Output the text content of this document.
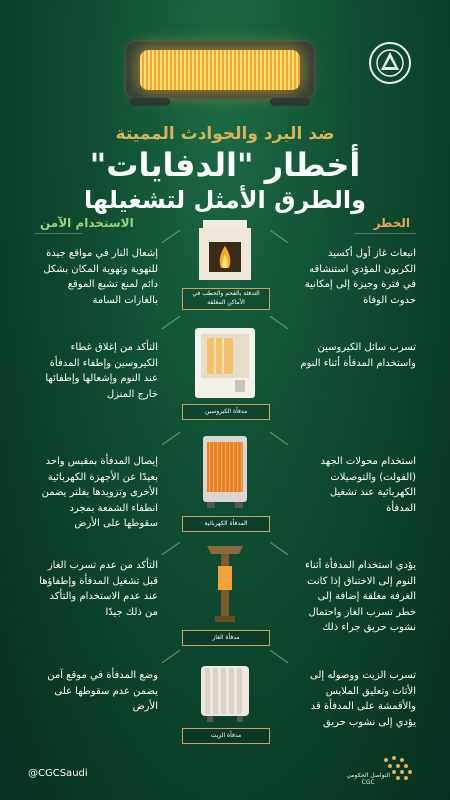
ضد البرد والحوادث المميتة
أخطار "الدفايات"
والطرق الأمثل لتشغيلها
الخطر
الاستخدام الآمن
انبعاث غاز أول أكسيد الكربون المؤدي استنشاقه في فترة وجيزة إلى إمكانية حدوث الوفاة
إشعال النار في مواقع جيدة للتهوية وتهوية المكان بشكل دائم لمنع تشبع الموقع بالغازات السامة
التدفئة بالفحم والحطب في الأماكن المغلقة
تسرب سائل الكيروسين واستخدام المدفأة أثناء النوم
التأكد من إغلاق غطاء الكيروسين وإطفاء المدفأة عند النوم وإشعالها وإطفائها خارج المنزل
مدفأة الكيروسين
استخدام محولات الجهد (الفولت) والتوصيلات الكهربائية عند تشغيل المدفأة
إيصال المدفأة بمقبس واحد بعيدًا عن الأجهزة الكهربائية الأخرى وتزويدها بفلتر يضمن انطفاء الشمعة بمجرد سقوطها على الأرض	المدفأة الكهربائية
يؤدي استخدام المدفأة أثناء النوم إلى الاختناق إذا كانت الغرفة مغلقة إضافة إلى خطر تسرب الغاز واحتمال نشوب حريق جراء ذلك
التأكد من عدم تسرب الغاز قبل تشغيل المدفأة وإطفاؤها عند عدم الاستخدام والتأكد من ذلك جيدًا
مدفأة الغاز
تسرب الزيت ووصوله إلى الأثاث وتعليق الملابس والأقمشة على المدفأة قد يؤدي إلى نشوب حريق
وضع المدفأة في موقع آمن يضمن عدم سقوطها على الأرض
مدفأة الزيت
@CGCSaudi	التواصل الحكومي
CGC
